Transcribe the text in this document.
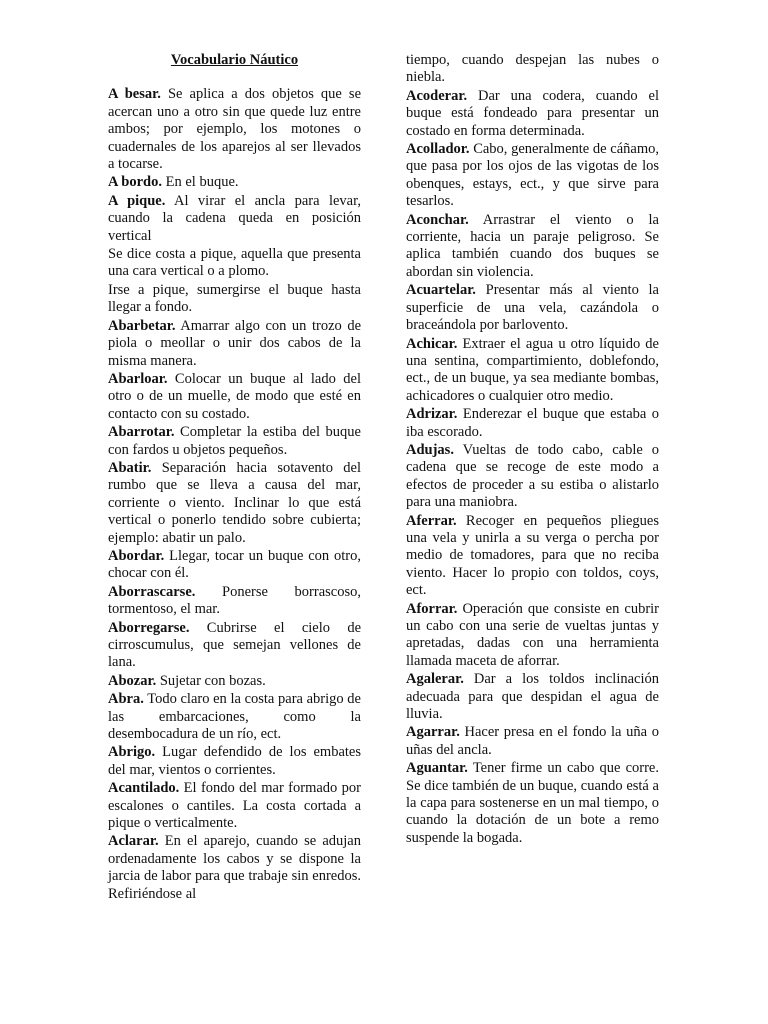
Vocabulario Náutico

A besar. Se aplica a dos objetos que se acercan uno a otro sin que quede luz entre ambos; por ejemplo, los motones o cuadernales de los aparejos al ser llevados a tocarse.

A bordo. En el buque.

A pique. Al virar el ancla para levar, cuando la cadena queda en posición vertical

Se dice costa a pique, aquella que presenta una cara vertical o a plomo.

Irse a pique, sumergirse el buque hasta llegar a fondo.

Abarbetar. Amarrar algo con un trozo de piola o meollar o unir dos cabos de la misma manera.

Abarloar. Colocar un buque al lado del otro o de un muelle, de modo que esté en contacto con su costado.

Abarrotar. Completar la estiba del buque con fardos u objetos pequeños.

Abatir. Separación hacia sotavento del rumbo que se lleva a causa del mar, corriente o viento. Inclinar lo que está vertical o ponerlo tendido sobre cubierta; ejemplo: abatir un palo.

Abordar. Llegar, tocar un buque con otro, chocar con él.

Aborrascarse. Ponerse borrascoso, tormentoso, el mar.

Aborregarse. Cubrirse el cielo de cirroscumulus, que semejan vellones de lana.

Abozar. Sujetar con bozas.

Abra. Todo claro en la costa para abrigo de las embarcaciones, como la desembocadura de un río, ect.

Abrigo. Lugar defendido de los embates del mar, vientos o corrientes.

Acantilado. El fondo del mar formado por escalones o cantiles. La costa cortada a pique o verticalmente.

Aclarar. En el aparejo, cuando se adujan ordenadamente los cabos y se dispone la jarcia de labor para que trabaje sin enredos. Refiriéndose al

tiempo, cuando despejan las nubes o niebla.

Acoderar. Dar una codera, cuando el buque está fondeado para presentar un costado en forma determinada.

Acollador. Cabo, generalmente de cáñamo, que pasa por los ojos de las vigotas de los obenques, estays, ect., y que sirve para tesarlos.

Aconchar. Arrastrar el viento o la corriente, hacia un paraje peligroso. Se aplica también cuando dos buques se abordan sin violencia.

Acuartelar. Presentar más al viento la superficie de una vela, cazándola o braceándola por barlovento.

Achicar. Extraer el agua u otro líquido de una sentina, compartimiento, doblefondo, ect., de un buque, ya sea mediante bombas, achicadores o cualquier otro medio.

Adrizar. Enderezar el buque que estaba o iba escorado.

Adujas. Vueltas de todo cabo, cable o cadena que se recoge de este modo a efectos de proceder a su estiba o alistarlo para una maniobra.

Aferrar. Recoger en pequeños pliegues una vela y unirla a su verga o percha por medio de tomadores, para que no reciba viento. Hacer lo propio con toldos, coys, ect.

Aforrar. Operación que consiste en cubrir un cabo con una serie de vueltas juntas y apretadas, dadas con una herramienta llamada maceta de aforrar.

Agalerar. Dar a los toldos inclinación adecuada para que despidan el agua de lluvia.

Agarrar. Hacer presa en el fondo la uña o uñas del ancla.

Aguantar. Tener firme un cabo que corre. Se dice también de un buque, cuando está a la capa para sostenerse en un mal tiempo, o cuando la dotación de un bote a remo suspende la bogada.
